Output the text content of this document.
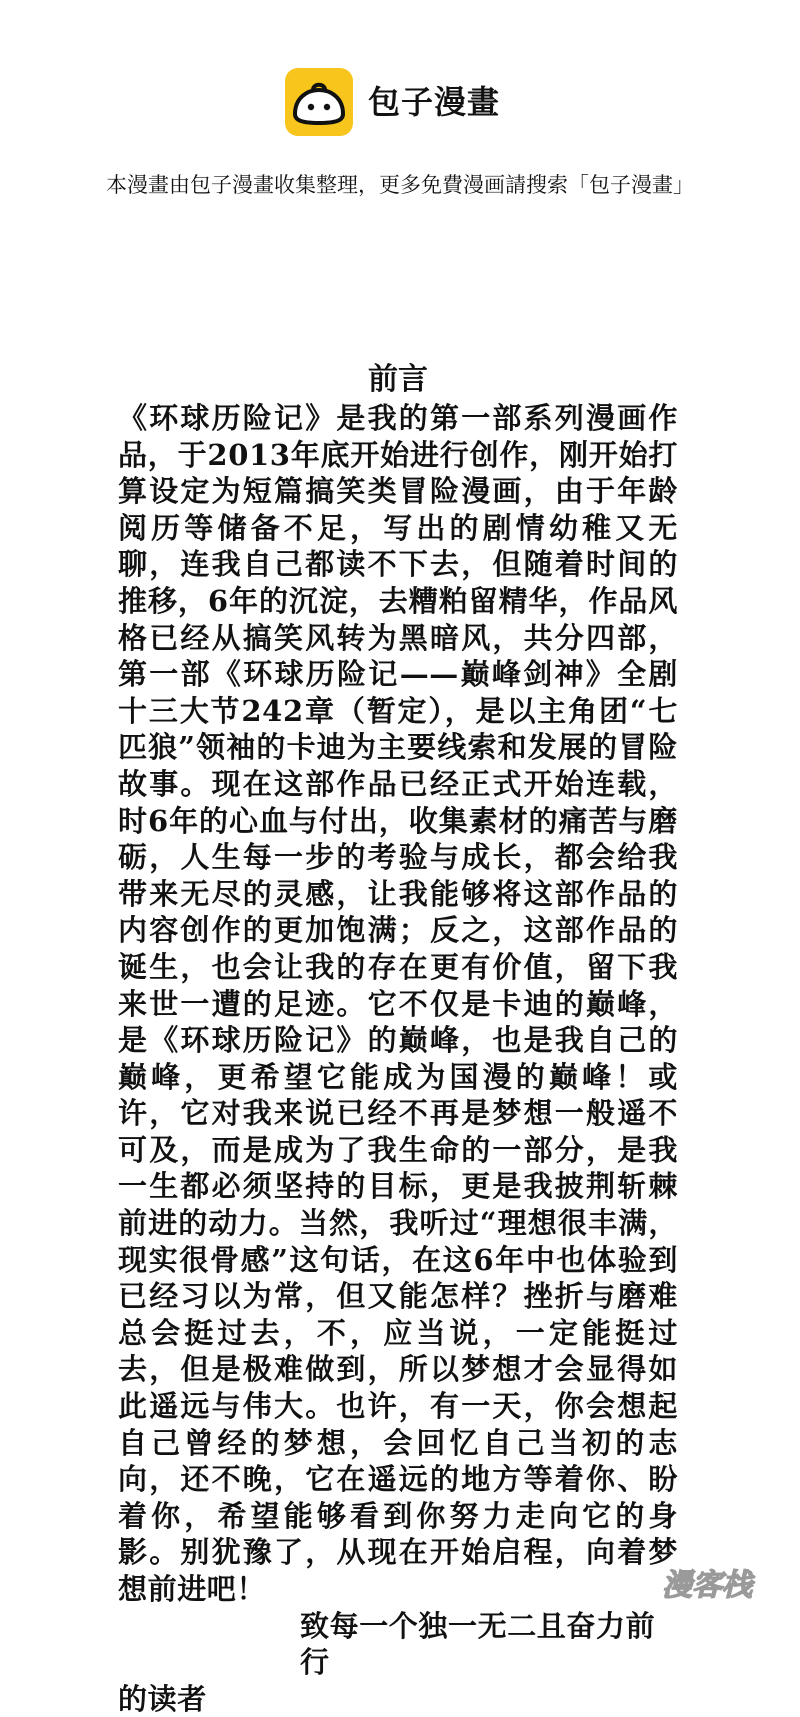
包子漫畫
本漫畫由包子漫畫收集整理，更多免費漫画請搜索「包子漫畫」
前言

《环球历险记》是我的第一部系列漫画作品，于2013年底开始进行创作，刚开始打算设定为短篇搞笑类冒险漫画，由于年龄阅历等储备不足，写出的剧情幼稚又无聊，连我自己都读不下去，但随着时间的推移，6年的沉淀，去糟粕留精华，作品风格已经从搞笑风转为黑暗风，共分四部，第一部《环球历险记——巅峰剑神》全剧十三大节242章（暂定），是以主角团“七匹狼”领袖的卡迪为主要线索和发展的冒险故事。现在这部作品已经正式开始连载，时6年的心血与付出，收集素材的痛苦与磨砺，人生每一步的考验与成长，都会给我带来无尽的灵感，让我能够将这部作品的内容创作的更加饱满；反之，这部作品的诞生，也会让我的存在更有价值，留下我来世一遭的足迹。它不仅是卡迪的巅峰，是《环球历险记》的巅峰，也是我自己的巅峰，更希望它能成为国漫的巅峰！或许，它对我来说已经不再是梦想一般遥不可及，而是成为了我生命的一部分，是我一生都必须坚持的目标，更是我披荆斩棘前进的动力。当然，我听过“理想很丰满，现实很骨感”这句话，在这6年中也体验到已经习以为常，但又能怎样？挫折与磨难总会挺过去，不，应当说，一定能挺过去，但是极难做到，所以梦想才会显得如此遥远与伟大。也许，有一天，你会想起自己曾经的梦想，会回忆自己当初的志向，还不晚，它在遥远的地方等着你、盼着你，希望能够看到你努力走向它的身影。别犹豫了，从现在开始启程，向着梦想前进吧！

致每一个独一无二且奋力前行

的读者

漫客栈
